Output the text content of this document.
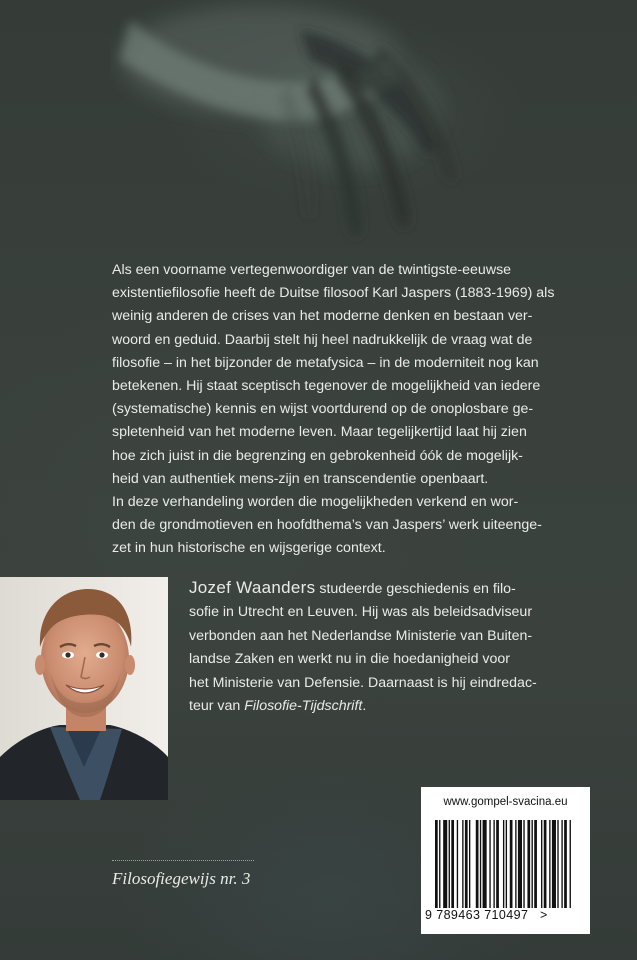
Als een voorname vertegenwoordiger van de twintigste-eeuwse
existentiefilosofie heeft de Duitse filosoof Karl Jaspers (1883-1969) als
weinig anderen de crises van het moderne denken en bestaan ver-
woord en geduid. Daarbij stelt hij heel nadrukkelijk de vraag wat de
filosofie – in het bijzonder de metafysica – in de moderniteit nog kan
betekenen. Hij staat sceptisch tegenover de mogelijkheid van iedere
(systematische) kennis en wijst voortdurend op de onoplosbare ge-
spletenheid van het moderne leven. Maar tegelijkertijd laat hij zien
hoe zich juist in die begrenzing en gebrokenheid óók de mogelijk-
heid van authentiek mens-zijn en transcendentie openbaart.
In deze verhandeling worden die mogelijkheden verkend en wor-
den de grondmotieven en hoofdthema’s van Jaspers’ werk uiteenge-
zet in hun historische en wijsgerige context.

Jozef Waanders studeerde geschiedenis en filo-
sofie in Utrecht en Leuven. Hij was als beleidsadviseur
verbonden aan het Nederlandse Ministerie van Buiten-
landse Zaken en werkt nu in die hoedanigheid voor
het Ministerie van Defensie. Daarnaast is hij eindredac-
teur van Filosofie-Tijdschrift.

Filosofiegewijs nr. 3

www.gompel-svacina.eu
9 789463 710497 >
